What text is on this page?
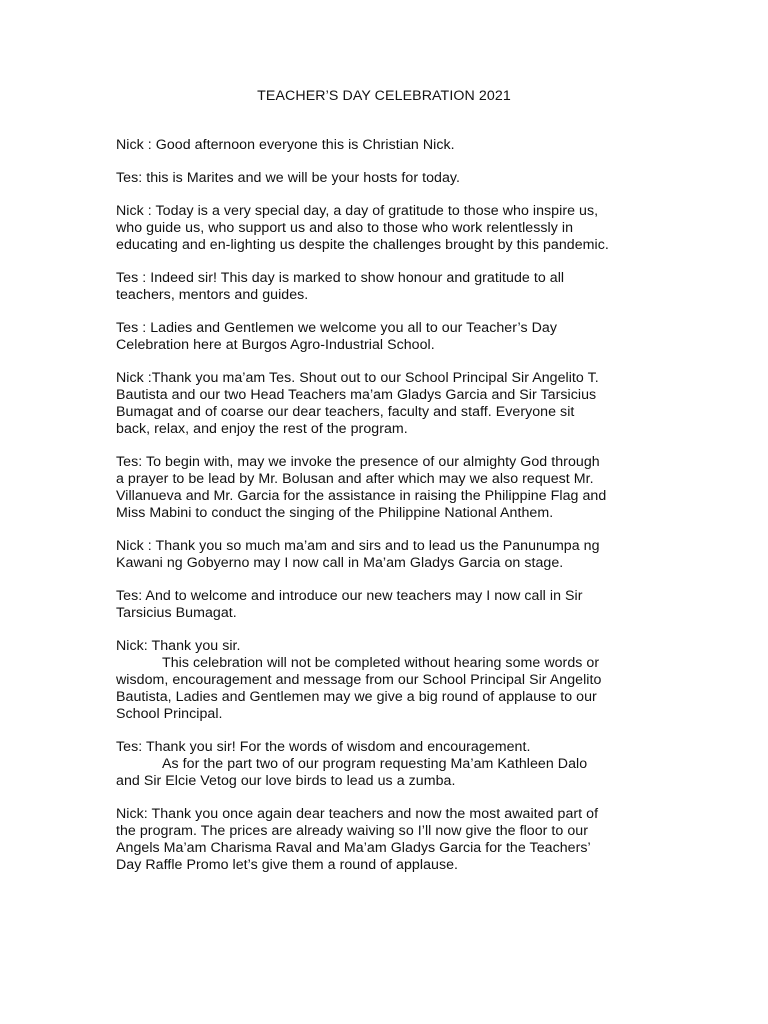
TEACHER’S DAY CELEBRATION 2021
Nick : Good afternoon everyone this is Christian Nick.
Tes: this is Marites and we will be your hosts for today.
Nick : Today is a very special day, a day of gratitude to those who inspire us,
who guide us, who support us and also to those who work relentlessly in
educating and en-lighting us despite the challenges brought by this pandemic.
Tes : Indeed sir! This day is marked to show honour and gratitude to all
teachers, mentors and guides.
Tes : Ladies and Gentlemen we welcome you all to our Teacher’s Day
Celebration here at Burgos Agro-Industrial School.
Nick :Thank you ma’am Tes. Shout out to our School Principal Sir Angelito T.
Bautista and our two Head Teachers ma’am Gladys Garcia and Sir Tarsicius
Bumagat and of coarse our dear teachers, faculty and staff. Everyone sit
back, relax, and enjoy the rest of the program.
Tes: To begin with, may we invoke the presence of our almighty God through
a prayer to be lead by Mr. Bolusan and after which may we also request Mr.
Villanueva and Mr. Garcia for the assistance in raising the Philippine Flag and
Miss Mabini to conduct the singing of the Philippine National Anthem.
Nick : Thank you so much ma’am and sirs and to lead us the Panunumpa ng
Kawani ng Gobyerno may I now call in Ma’am Gladys Garcia on stage.
Tes: And to welcome and introduce our new teachers may I now call in Sir
Tarsicius Bumagat.
Nick: Thank you sir.
This celebration will not be completed without hearing some words or
wisdom, encouragement and message from our School Principal Sir Angelito
Bautista, Ladies and Gentlemen may we give a big round of applause to our
School Principal.
Tes: Thank you sir! For the words of wisdom and encouragement.
As for the part two of our program requesting Ma’am Kathleen Dalo
and Sir Elcie Vetog our love birds to lead us a zumba.
Nick: Thank you once again dear teachers and now the most awaited part of
the program. The prices are already waiving so I’ll now give the floor to our
Angels Ma’am Charisma Raval and Ma’am Gladys Garcia for the Teachers’
Day Raffle Promo let’s give them a round of applause.
